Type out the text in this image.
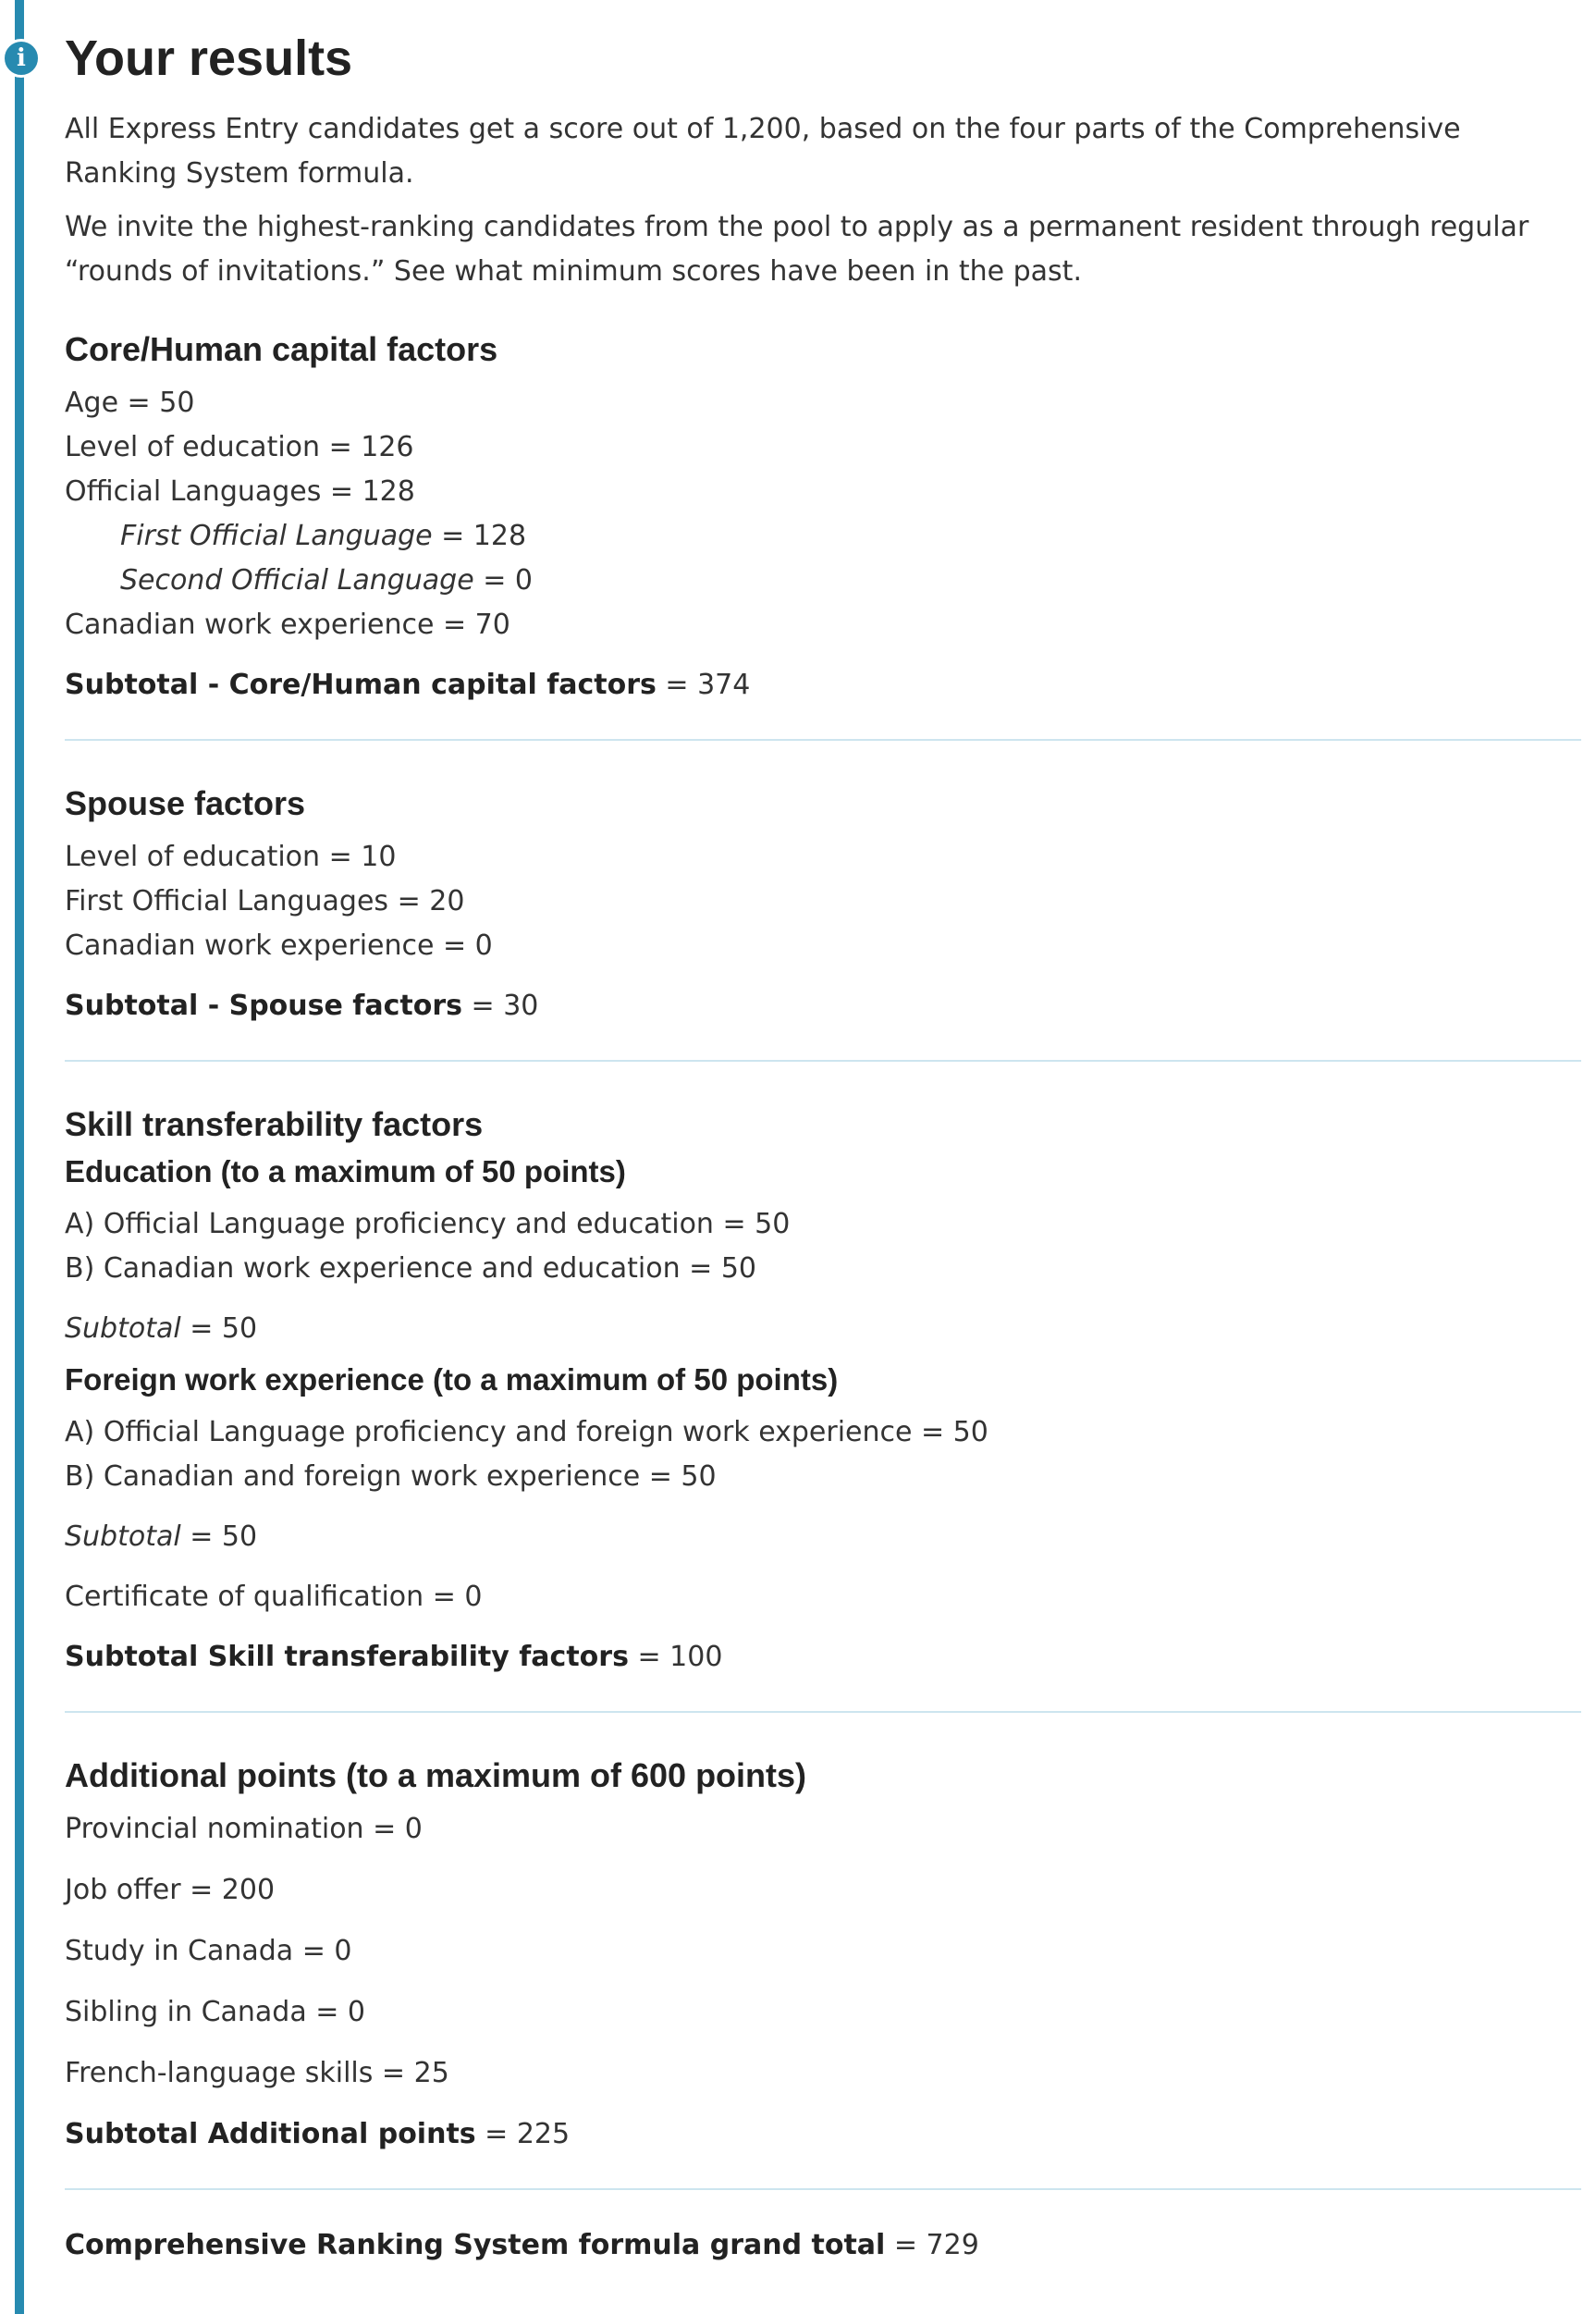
i Your results

All Express Entry candidates get a score out of 1,200, based on the four parts of the Comprehensive Ranking System formula.

We invite the highest-ranking candidates from the pool to apply as a permanent resident through regular “rounds of invitations.” See what minimum scores have been in the past.

Core/Human capital factors
Age = 50
Level of education = 126
Official Languages = 128
First Official Language = 128
Second Official Language = 0
Canadian work experience = 70
Subtotal - Core/Human capital factors = 374
Spouse factors
Level of education = 10
First Official Languages = 20
Canadian work experience = 0
Subtotal - Spouse factors = 30
Skill transferability factors
Education (to a maximum of 50 points)
A) Official Language proficiency and education = 50
B) Canadian work experience and education = 50
Subtotal = 50
Foreign work experience (to a maximum of 50 points)
A) Official Language proficiency and foreign work experience = 50
B) Canadian and foreign work experience = 50
Subtotal = 50
Certificate of qualification = 0
Subtotal Skill transferability factors = 100
Additional points (to a maximum of 600 points)
Provincial nomination = 0
Job offer = 200
Study in Canada = 0
Sibling in Canada = 0
French-language skills = 25
Subtotal Additional points = 225
Comprehensive Ranking System formula grand total = 729
